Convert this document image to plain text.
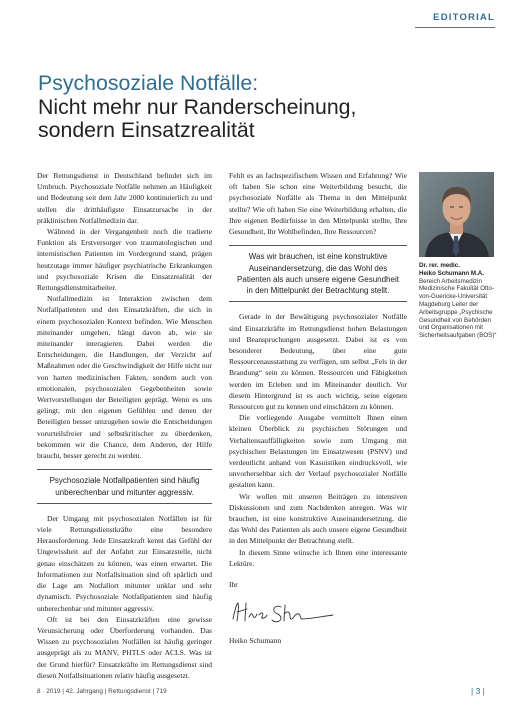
EDITORIAL
Psychosoziale Notfälle:
Nicht mehr nur Randerscheinung,
sondern Einsatzrealität

Der Rettungsdienst in Deutschland befindet sich im Umbruch. Psychosoziale Notfälle nehmen an Häufigkeit und Bedeutung seit dem Jahr 2000 kontinuierlich zu und stellen die dritthäufigste Einsatzursache in der präklinischen Notfallmedizin dar.

Während in der Vergangenheit noch die tradierte Funktion als Erstversorger von traumatologischen und internistischen Patienten im Vordergrund stand, prägen heutzutage immer häufiger psychiatrische Erkrankungen und psychosoziale Krisen die Einsatzrealität der Rettungsdienstmitarbeiter.

Notfallmedizin ist Interaktion zwischen dem Notfallpatienten und den Einsatzkräften, die sich in einem psychosozialen Kontext befinden. Wie Menschen miteinander umgehen, hängt davon ab, wie sie miteinander interagieren. Dabei werden die Entscheidungen, die Handlungen, der Verzicht auf Maßnahmen oder die Geschwindigkeit der Hilfe nicht nur von harten medizinischen Fakten, sondern auch von emotionalen, psychosozialen Gegebenheiten sowie Wertvorstellungen der Beteiligten geprägt. Wenn es uns gelingt, mit den eigenen Gefühlen und denen der Beteiligten besser umzugehen sowie die Entscheidungen vorurteilsfreier und selbstkritischer zu überdenken, bekommen wir die Chance, dem Anderen, der Hilfe braucht, besser gerecht zu werden.

Psychosoziale Notfallpatienten sind häufig unberechenbar und mitunter aggressiv.

Der Umgang mit psychosozialen Notfällen ist für viele Rettungsdienstkräfte eine besondere Herausforderung. Jede Einsatzkraft kennt das Gefühl der Ungewissheit auf der Anfahrt zur Einsatzstelle, nicht genau einschätzen zu können, was einen erwartet. Die Informationen zur Notfallsituation sind oft spärlich und die Lage am Notfallort mitunter unklar und sehr dynamisch. Psychosoziale Notfallpatienten sind häufig unberechenbar und mitunter aggressiv.

Oft ist bei den Einsatzkräften eine gewisse Verunsicherung oder Überforderung vorhanden. Das Wissen zu psychosozialen Notfällen ist häufig geringer ausgeprägt als zu MANV, PHTLS oder ACLS. Was ist der Grund hierfür? Einsatzkräfte im Rettungsdienst sind diesen Notfallsituationen relativ häufig ausgesetzt.

Fehlt es an fachspezifischem Wissen und Erfahrung? Wie oft haben Sie schon eine Weiterbildung besucht, die psychosoziale Notfälle als Thema in den Mittelpunkt stellte? Wie oft haben Sie eine Weiterbildung erhalten, die Ihre eigenen Bedürfnisse in den Mittelpunkt stellte, Ihre Gesundheit, Ihr Wohlbefinden, Ihre Ressourcen?

Was wir brauchen, ist eine konstruktive Auseinandersetzung, die das Wohl des Patienten als auch unsere eigene Gesundheit in den Mittelpunkt der Betrachtung stellt.

Gerade in der Bewältigung psychosozialer Notfälle sind Einsatzkräfte im Rettungsdienst hohen Belastungen und Beanspruchungen ausgesetzt. Dabei ist es von besonderer Bedeutung, über eine gute Ressourcenausstattung zu verfügen, um selbst „Fels in der Brandung“ sein zu können. Ressourcen und Fähigkeiten werden im Erleben und im Miteinander deutlich. Vor diesem Hintergrund ist es auch wichtig, seine eigenen Ressourcen gut zu kennen und einschätzen zu können.

Die vorliegende Ausgabe vermittelt Ihnen einen kleinen Überblick zu psychischen Störungen und Verhaltensauffälligkeiten sowie zum Umgang mit psychischen Belastungen im Einsatzwesen (PSNV) und verdeutlicht anhand von Kasuistiken eindrucksvoll, wie unvorhersehbar sich der Verlauf psychosozialer Notfälle gestalten kann.

Wir wollen mit unseren Beiträgen zu intensiven Diskussionen und zum Nachdenken anregen. Was wir brauchen, ist eine konstruktive Auseinandersetzung, die das Wohl des Patienten als auch unsere eigene Gesundheit in den Mittelpunkt der Betrachtung stellt.

In diesem Sinne wünsche ich Ihnen eine interessante Lektüre.

Ihr

Heiko Schumann

Dr. rer. medic.
Heiko Schumann M.A.
Bereich Arbeitsmedizin Medizinische Fakultät Otto-von-Guericke-Universität Magdeburg Leiter der Arbeitsgruppe „Psychische Gesundheit von Behörden und Organisationen mit Sicherheitsaufgaben (BOS)“
8 · 2019 | 42. Jahrgang | Rettungsdienst | 719	| 3 |
